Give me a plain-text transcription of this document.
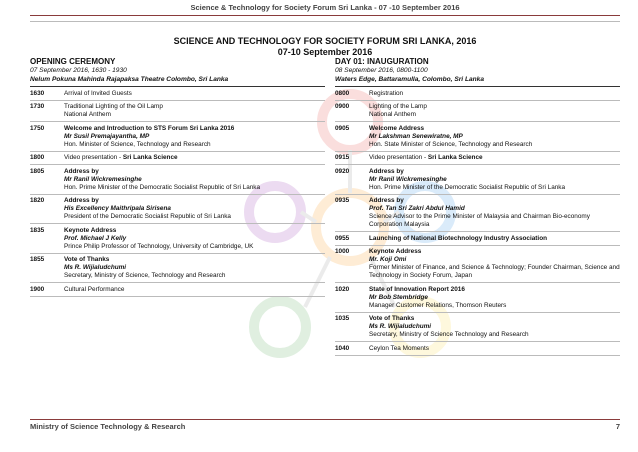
Science & Technology for Society Forum Sri Lanka - 07 -10 September 2016
SCIENCE AND TECHNOLOGY FOR SOCIETY FORUM SRI LANKA, 2016
07-10 September 2016
OPENING CEREMONY
07 September 2016, 1630 - 1930
Nelum Pokuna Mahinda Rajapaksa Theatre Colombo, Sri Lanka
1630	Arrival of Invited Guests
1730	Traditional Lighting of the Oil Lamp
National Anthem
1750	Welcome and Introduction to STS Forum Sri Lanka 2016
Mr Susil Premajayantha, MP
Hon. Minister of Science, Technology and Research
1800	Video presentation - Sri Lanka Science
1805	Address by
Mr Ranil Wickremesinghe
Hon. Prime Minister of the Democratic Socialist Republic of Sri Lanka
1820	Address by
His Excellency Maithripala Sirisena
President of the Democratic Socialist Republic of Sri Lanka
1835	Keynote Address
Prof. Michael J Kelly
Prince Philip Professor of Technology, University of Cambridge, UK
1855	Vote of Thanks
Ms R. Wijialudchumi
Secretary, Ministry of Science, Technology and Research
1900	Cultural Performance
DAY 01: INAUGURATION
08 September 2016, 0800-1100
Waters Edge, Battaramulla, Colombo, Sri Lanka
0800	Registration
0900	Lighting of the Lamp
National Anthem
0905	Welcome Address
Mr Lakshman Senewiratne, MP
Hon. State Minister of Science, Technology and Research
0915	Video presentation - Sri Lanka Science
0920	Address by
Mr Ranil Wickremesinghe
Hon. Prime Minister of the Democratic Socialist Republic of Sri Lanka
0935	Address by
Prof. Tan Sri Zakri Abdul Hamid
Science Advisor to the Prime Minister of Malaysia and Chairman Bio-economy Corporation Malaysia
0955	Launching of National Biotechnology Industry Association
1000	Keynote Address
Mr. Koji Omi
Former Minister of Finance, and Science & Technology; Founder Chairman, Science and Technology in Society Forum, Japan
1020	State of Innovation Report 2016
Mr Bob Stembridge
Manager Customer Relations, Thomson Reuters
1035	Vote of Thanks
Ms R. Wijialudchumi
Secretary, Ministry of Science Technology and Research
1040	Ceylon Tea Moments
Ministry of Science Technology & Research	7
